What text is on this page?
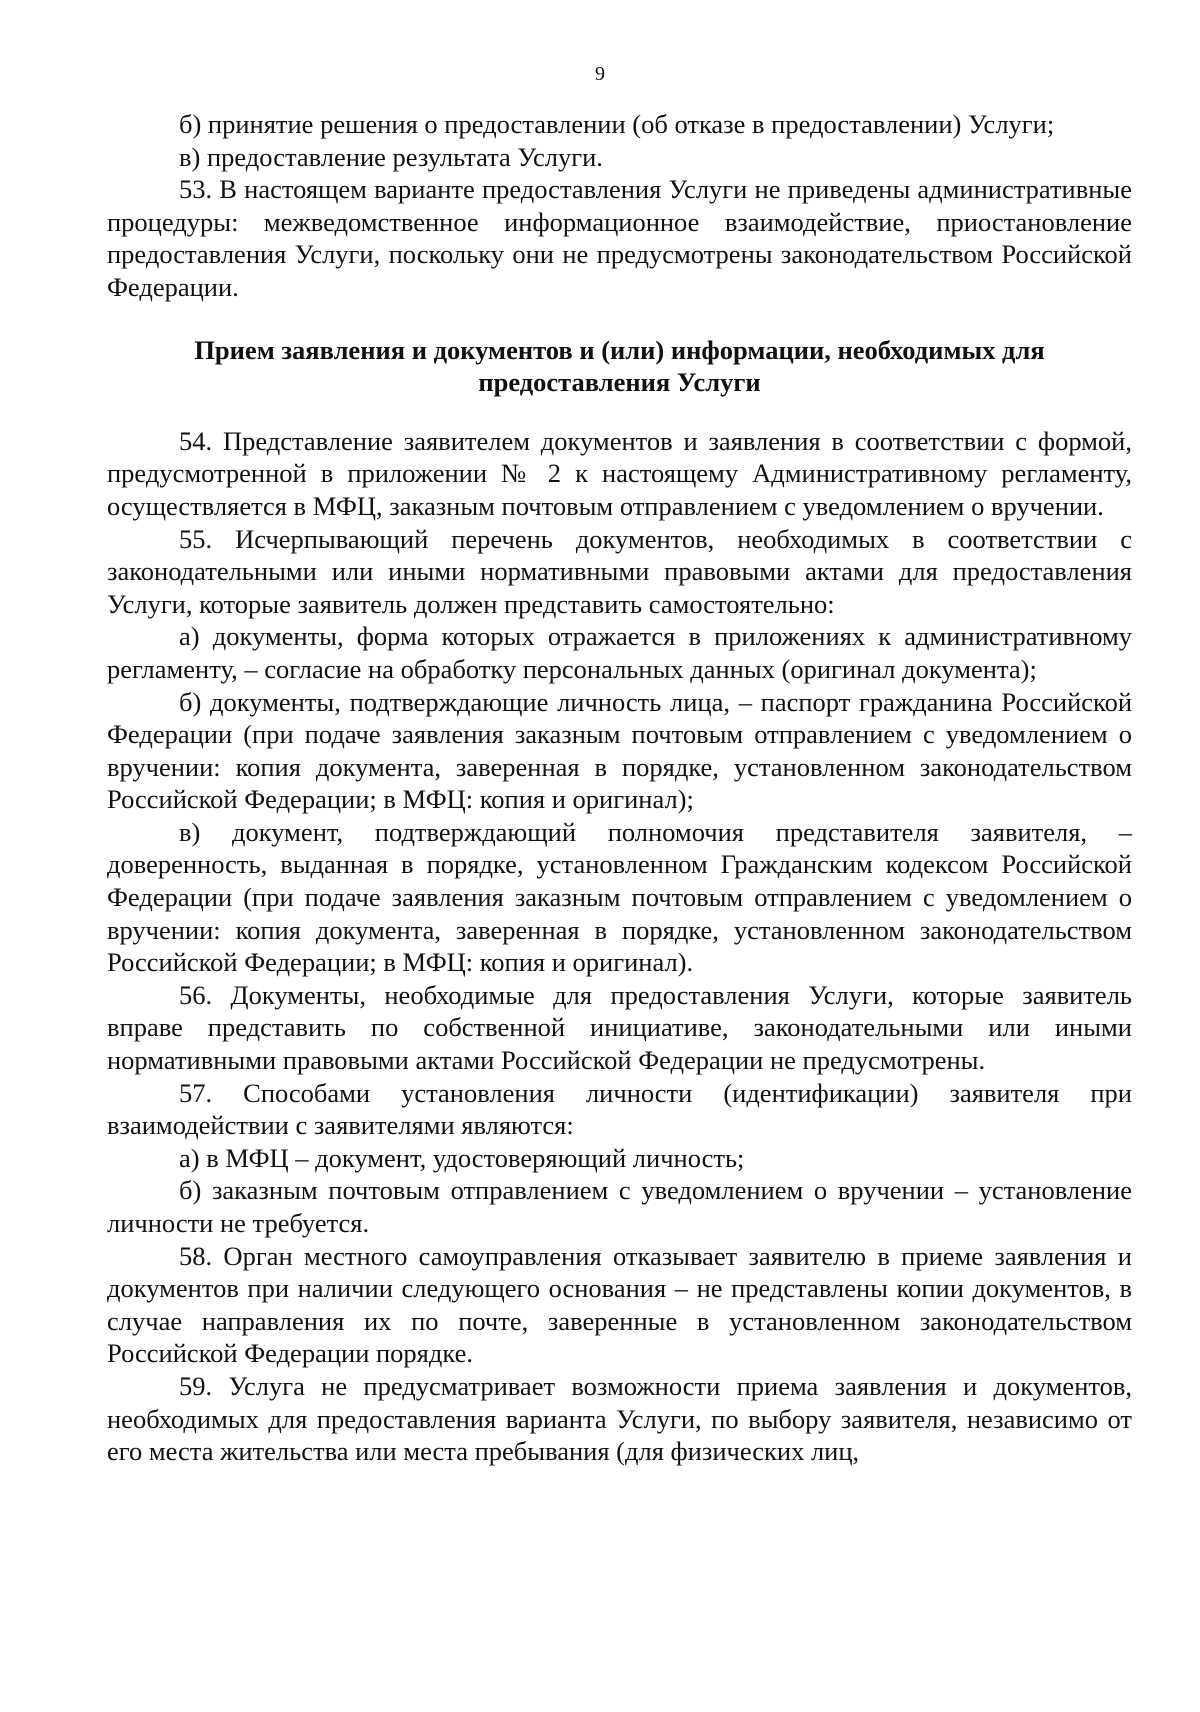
9

б) принятие решения о предоставлении (об отказе в предоставлении) Услуги;

в) предоставление результата Услуги.

53. В настоящем варианте предоставления Услуги не приведены административные процедуры: межведомственное информационное взаимодействие, приостановление предоставления Услуги, поскольку они не предусмотрены законодательством Российской Федерации.

Прием заявления и документов и (или) информации, необходимых для
предоставления Услуги

54. Представление заявителем документов и заявления в соответствии с формой, предусмотренной в приложении № 2 к настоящему Административному регламенту, осуществляется в МФЦ, заказным почтовым отправлением с уведомлением о вручении.

55. Исчерпывающий перечень документов, необходимых в соответствии с законодательными или иными нормативными правовыми актами для предоставления Услуги, которые заявитель должен представить самостоятельно:

а) документы, форма которых отражается в приложениях к административному регламенту, – согласие на обработку персональных данных (оригинал документа);

б) документы, подтверждающие личность лица, – паспорт гражданина Российской Федерации (при подаче заявления заказным почтовым отправлением с уведомлением о вручении: копия документа, заверенная в порядке, установленном законодательством Российской Федерации; в МФЦ: копия и оригинал);

в) документ, подтверждающий полномочия представителя заявителя, – доверенность, выданная в порядке, установленном Гражданским кодексом Российской Федерации (при подаче заявления заказным почтовым отправлением с уведомлением о вручении: копия документа, заверенная в порядке, установленном законодательством Российской Федерации; в МФЦ: копия и оригинал).

56. Документы, необходимые для предоставления Услуги, которые заявитель вправе представить по собственной инициативе, законодательными или иными нормативными правовыми актами Российской Федерации не предусмотрены.

57. Способами установления личности (идентификации) заявителя при взаимодействии с заявителями являются:

а) в МФЦ – документ, удостоверяющий личность;

б) заказным почтовым отправлением с уведомлением о вручении – установление личности не требуется.

58. Орган местного самоуправления отказывает заявителю в приеме заявления и документов при наличии следующего основания – не представлены копии документов, в случае направления их по почте, заверенные в установленном законодательством Российской Федерации порядке.

59. Услуга не предусматривает возможности приема заявления и документов, необходимых для предоставления варианта Услуги, по выбору заявителя, независимо от его места жительства или места пребывания (для физических лиц,
